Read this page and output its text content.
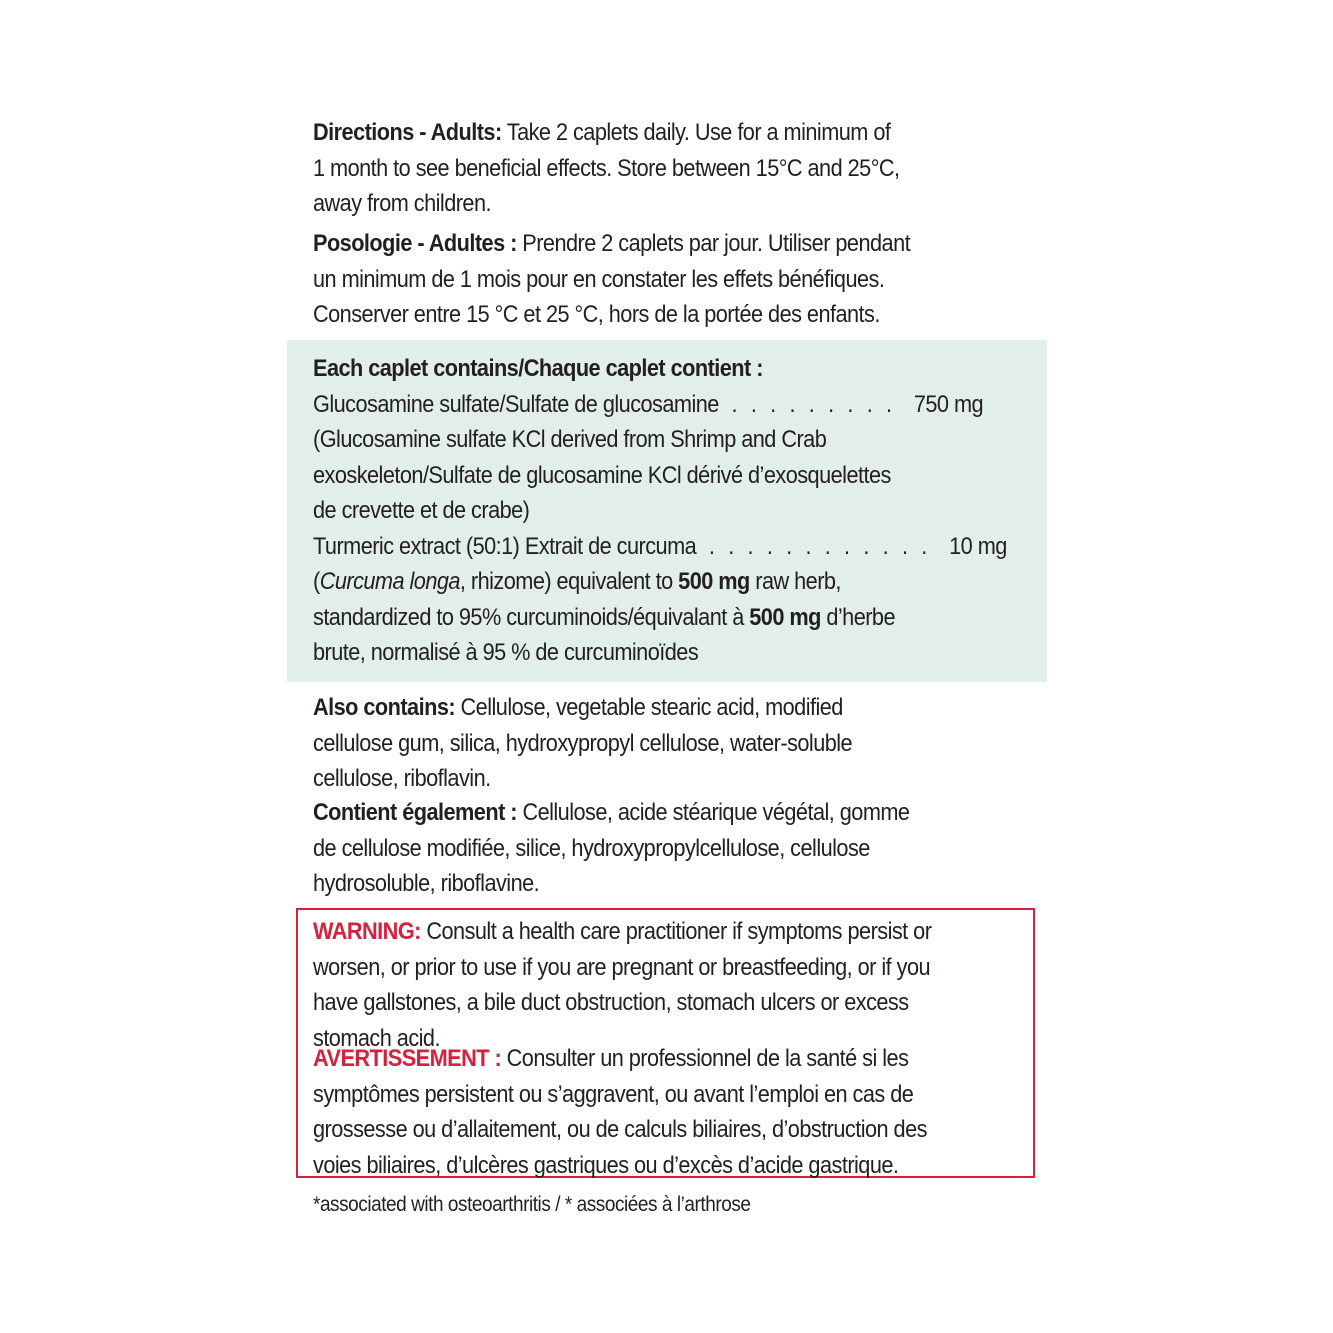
Directions - Adults: Take 2 caplets daily. Use for a minimum of
1 month to see beneficial effects. Store between 15°C and 25°C,
away from children.
Posologie - Adultes : Prendre 2 caplets par jour. Utiliser pendant
un minimum de 1 mois pour en constater les effets bénéfiques.
Conserver entre 15 °C et 25 °C, hors de la portée des enfants.
Each caplet contains/Chaque caplet contient :
Glucosamine sulfate/Sulfate de glucosamine . . . . . . . . . 750 mg
(Glucosamine sulfate KCl derived from Shrimp and Crab
exoskeleton/Sulfate de glucosamine KCl dérivé d’exosquelettes
de crevette et de crabe)
Turmeric extract (50:1) Extrait de curcuma . . . . . . . . . . . . 10 mg
(Curcuma longa, rhizome) equivalent to 500 mg raw herb,
standardized to 95% curcuminoids/équivalant à 500 mg d’herbe
brute, normalisé à 95 % de curcuminoïdes
Also contains: Cellulose, vegetable stearic acid, modified
cellulose gum, silica, hydroxypropyl cellulose, water-soluble
cellulose, riboflavin.
Contient également : Cellulose, acide stéarique végétal, gomme
de cellulose modifiée, silice, hydroxypropylcellulose, cellulose
hydrosoluble, riboflavine.
WARNING: Consult a health care practitioner if symptoms persist or
worsen, or prior to use if you are pregnant or breastfeeding, or if you
have gallstones, a bile duct obstruction, stomach ulcers or excess
stomach acid.
AVERTISSEMENT : Consulter un professionnel de la santé si les
symptômes persistent ou s’aggravent, ou avant l’emploi en cas de
grossesse ou d’allaitement, ou de calculs biliaires, d’obstruction des
voies biliaires, d’ulcères gastriques ou d’excès d’acide gastrique.
*associated with osteoarthritis / * associées à l’arthrose
